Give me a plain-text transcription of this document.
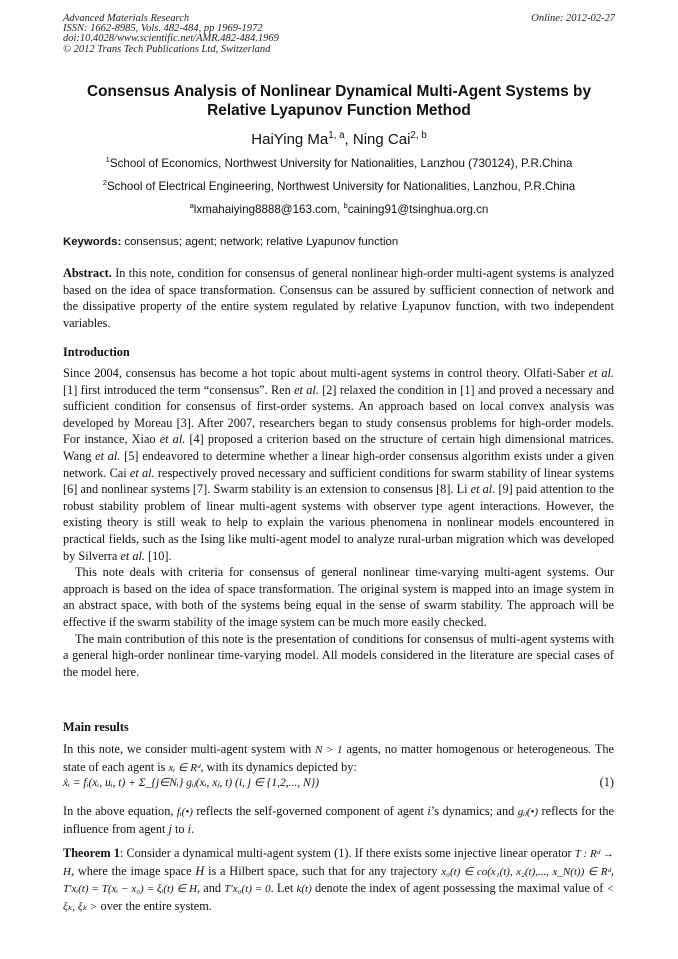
Advanced Materials Research
ISSN: 1662-8985, Vols. 482-484, pp 1969-1972
doi:10.4028/www.scientific.net/AMR.482-484.1969
© 2012 Trans Tech Publications Ltd, Switzerland
Online: 2012-02-27
Consensus Analysis of Nonlinear Dynamical Multi-Agent Systems by
Relative Lyapunov Function Method
HaiYing Ma$^{1, a}$, Ning Cai$^{2, b}$
$^1$School of Economics, Northwest University for Nationalities, Lanzhou (730124), P.R.China
$^2$School of Electrical Engineering, Northwest University for Nationalities, Lanzhou, P.R.China
$^a$lxmahaiying8888@163.com, $^b$caining91@tsinghua.org.cn
Keywords: consensus; agent; network; relative Lyapunov function

Abstract. In this note, condition for consensus of general nonlinear high-order multi-agent systems is analyzed based on the idea of space transformation. Consensus can be assured by sufficient connection of network and the dissipative property of the entire system regulated by relative Lyapunov function, with two independent variables.

Introduction

Since 2004, consensus has become a hot topic about multi-agent systems in control theory. Olfati-Saber et al. [1] first introduced the term “consensus”. Ren et al. [2] relaxed the condition in [1] and proved a necessary and sufficient condition for consensus of first-order systems. An approach based on local convex analysis was developed by Moreau [3]. After 2007, researchers began to study consensus problems for high-order models. For instance, Xiao et al. [4] proposed a criterion based on the structure of certain high dimensional matrices. Wang et al. [5] endeavored to determine whether a linear high-order consensus algorithm exists under a given network. Cai et al. respectively proved necessary and sufficient conditions for swarm stability of linear systems [6] and nonlinear systems [7]. Swarm stability is an extension to consensus [8]. Li et al. [9] paid attention to the robust stability problem of linear multi-agent systems with observer type agent interactions. However, the existing theory is still weak to help to explain the various phenomena in nonlinear models encountered in practical fields, such as the Ising like multi-agent model to analyze rural-urban migration which was developed by Silverra et al. [10].

This note deals with criteria for consensus of general nonlinear time-varying multi-agent systems. Our approach is based on the idea of space transformation. The original system is mapped into an image system in an abstract space, with both of the systems being equal in the sense of swarm stability. The approach will be effective if the swarm stability of the image system can be much more easily checked.

The main contribution of this note is the presentation of conditions for consensus of multi-agent systems with a general high-order nonlinear time-varying model. All models considered in the literature are special cases of the model here.

Main results

In this note, we consider multi-agent system with N > 1 agents, no matter homogenous or heterogeneous. The state of each agent is xᵢ ∈ Rᵈ, with its dynamics depicted by:

ẋᵢ = fᵢ(xᵢ, uᵢ, t) + Σ_{j∈Nᵢ} gᵢⱼ(xᵢ, xⱼ, t) (i, j ∈ {1,2,..., N})	(1)

In the above equation, fᵢ(•) reflects the self-governed component of agent i’s dynamics; and gᵢⱼ(•) reflects for the influence from agent j to i.

Theorem 1: Consider a dynamical multi-agent system (1). If there exists some injective linear operator T : Rᵈ → H, where the image space H is a Hilbert space, such that for any trajectory x₀(t) ∈ co(x₁(t), x₂(t),..., x_N(t)) ∈ Rᵈ, T′xᵢ(t) = T(xᵢ − x₀) = ξᵢ(t) ∈ H, and T′x₀(t) = 0. Let k(t) denote the index of agent possessing the maximal value of < ξₖ, ξₖ > over the entire system.
